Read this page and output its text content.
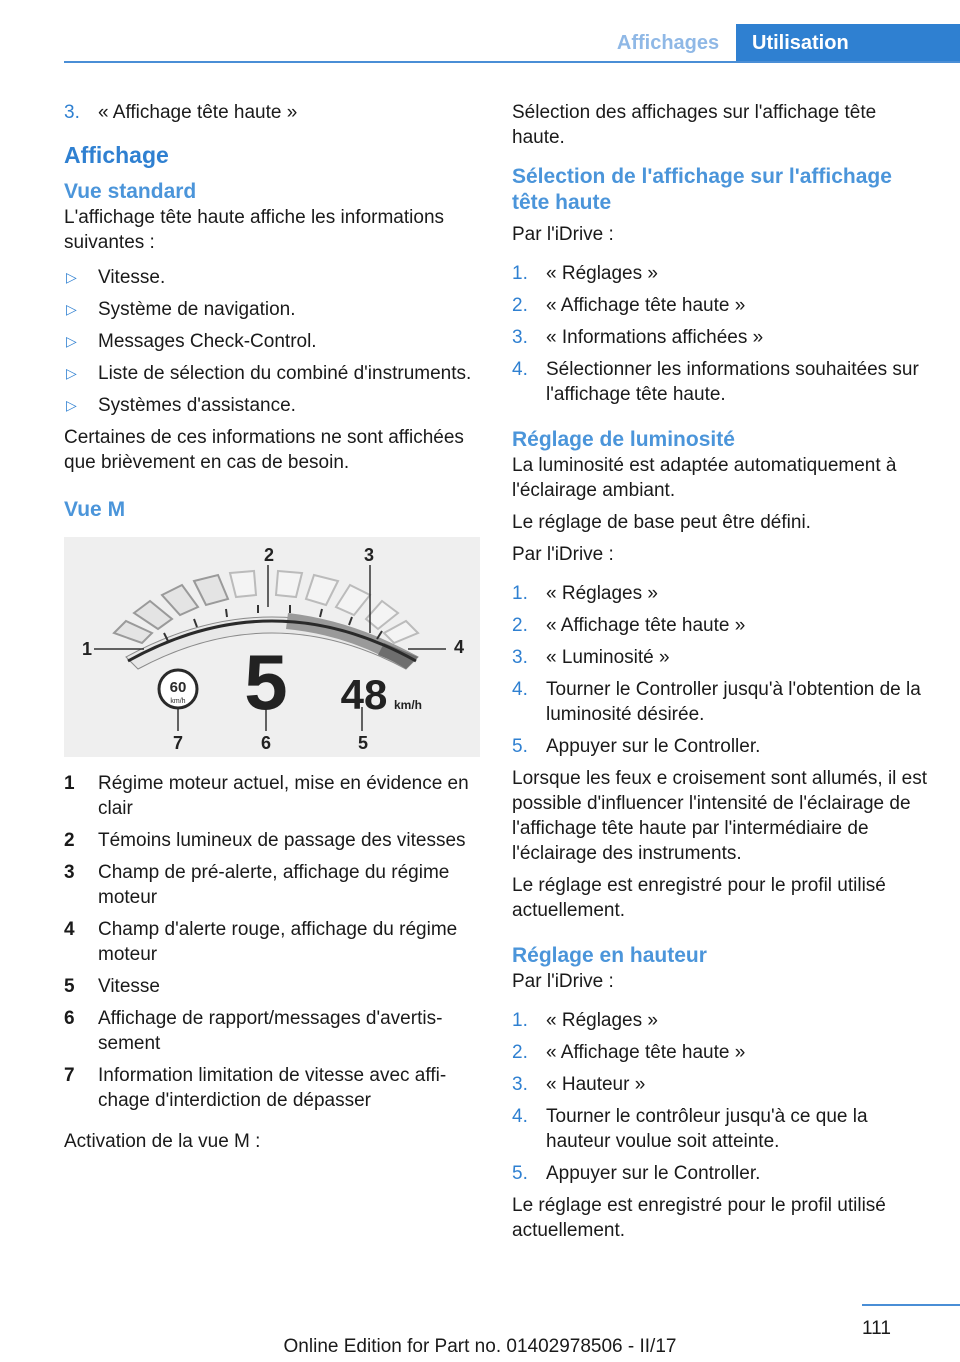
Affichages	Utilisation
3. « Affichage tête haute »
Affichage
Vue standard

L'affichage tête haute affiche les informations suivantes :

▷ Vitesse.
▷ Système de navigation.
▷ Messages Check-Control.
▷ Liste de sélection du combiné d'instruments.
▷ Systèmes d'assistance.

Certaines de ces informations ne sont affichées que brièvement en cas de besoin.

Vue M
60
km/h 5 48 km/h
1
2	3
4
5
6
7
1 Régime moteur actuel, mise en évidence en clair
2 Témoins lumineux de passage des vitesses
3 Champ de pré-alerte, affichage du régime moteur
4 Champ d'alerte rouge, affichage du régime moteur
5 Vitesse
6 Affichage de rapport/messages d'avertissement
7 Information limitation de vitesse avec affichage d'interdiction de dépasser

Activation de la vue M :

Sélection des affichages sur l'affichage tête haute.

Sélection de l'affichage sur l'affichage tête haute

Par l'iDrive :

1. « Réglages »
2. « Affichage tête haute »
3. « Informations affichées »
4. Sélectionner les informations souhaitées sur l'affichage tête haute.
Réglage de luminosité

La luminosité est adaptée automatiquement à l'éclairage ambiant.

Le réglage de base peut être défini.

Par l'iDrive :

1. « Réglages »
2. « Affichage tête haute »
3. « Luminosité »
4. Tourner le Controller jusqu'à l'obtention de la luminosité désirée.
5. Appuyer sur le Controller.

Lorsque les feux e croisement sont allumés, il est possible d'influencer l'intensité de l'éclairage de l'affichage tête haute par l'intermédiaire de l'éclairage des instruments.

Le réglage est enregistré pour le profil utilisé actuellement.

Réglage en hauteur

Par l'iDrive :

1. « Réglages »
2. « Affichage tête haute »
3. « Hauteur »
4. Tourner le contrôleur jusqu'à ce que la hauteur voulue soit atteinte.
5. Appuyer sur le Controller.

Le réglage est enregistré pour le profil utilisé actuellement.

111
Online Edition for Part no. 01402978506 - II/17
